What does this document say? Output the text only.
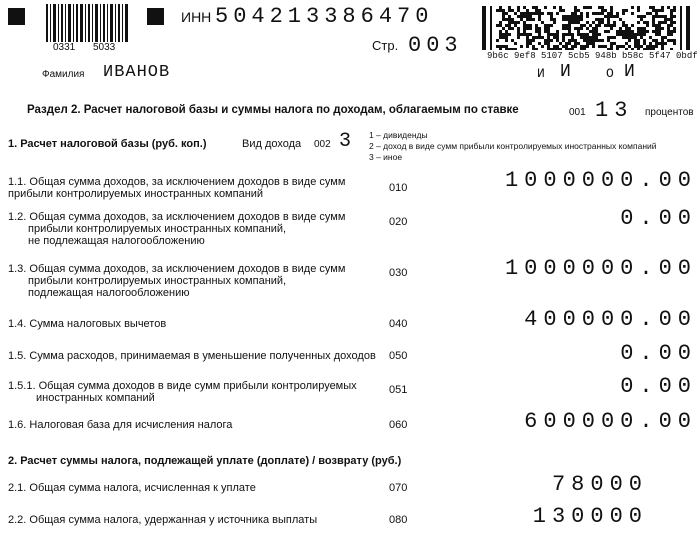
0331 5033
ИНН 504213386470
Стр. 003	9b6c 9ef8 5107 5cb5 948b b58c 5f47 0bdf
Фамилия ИВАНОВ	И И	О И
Раздел 2. Расчет налоговой базы и суммы налога по доходам, облагаемым по ставке	001 13 процентов
1. Расчет налоговой базы (руб. коп.)	Вид дохода 002 3 1 – дивиденды
2 – доход в виде сумм прибыли контролируемых иностранных компаний
3 – иное
1.1. Общая сумма доходов, за исключением доходов в виде сумм
прибыли контролируемых иностранных компаний	010	1000000.00
1.2. Общая сумма доходов, за исключением доходов в виде сумм
прибыли контролируемых иностранных компаний,
не подлежащая налогообложению
020	0.00
1.3. Общая сумма доходов, за исключением доходов в виде сумм
прибыли контролируемых иностранных компаний,
подлежащая налогообложению
030	1000000.00
1.4. Сумма налоговых вычетов	040	400000.00
1.5. Сумма расходов, принимаемая в уменьшение полученных доходов 050	0.00
1.5.1. Общая сумма доходов в виде сумм прибыли контролируемых
иностранных компаний
051	0.00
1.6. Налоговая база для исчисления налога	060	600000.00
2. Расчет суммы налога, подлежащей уплате (доплате) / возврату (руб.)
2.1. Общая сумма налога, исчисленная к уплате	070	78000
2.2. Общая сумма налога, удержанная у источника выплаты	080	130000
